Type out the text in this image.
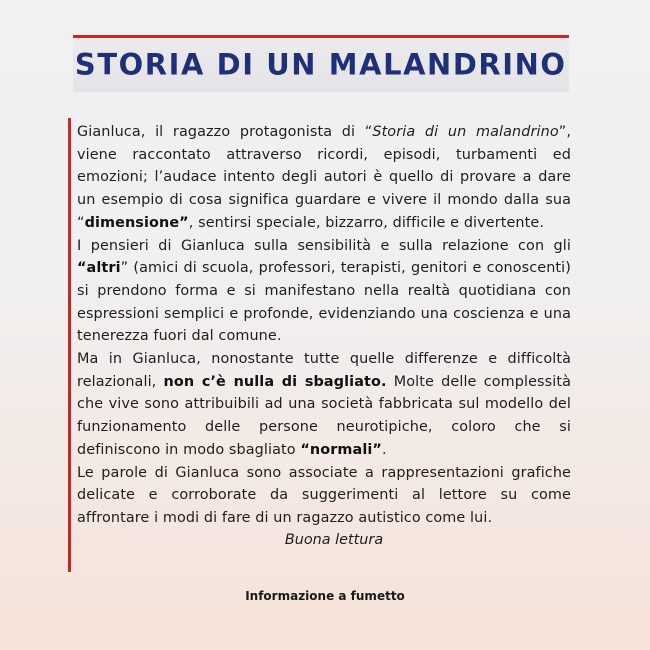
STORIA DI UN MALANDRINO

Gianluca, il ragazzo protagonista di “Storia di un malandrino”, viene raccontato attraverso ricordi, episodi, turbamenti ed emozioni; l’audace intento degli autori è quello di provare a dare un esempio di cosa significa guardare e vivere il mondo dalla sua “dimensione”, sentirsi speciale, bizzarro, difficile e divertente.

I pensieri di Gianluca sulla sensibilità e sulla relazione con gli “altri” (amici di scuola, professori, terapisti, genitori e conoscenti) si prendono forma e si manifestano nella realtà quotidiana con espressioni semplici e profonde, evidenziando una coscienza e una tenerezza fuori dal comune.

Ma in Gianluca, nonostante tutte quelle differenze e difficoltà relazionali, non c’è nulla di sbagliato. Molte delle complessità che vive sono attribuibili ad una società fabbricata sul modello del funzionamento delle persone neurotipiche, coloro che si definiscono in modo sbagliato “normali”.

Le parole di Gianluca sono associate a rappresentazioni grafiche delicate e corroborate da suggerimenti al lettore su come affrontare i modi di fare di un ragazzo autistico come lui.

Buona lettura

Informazione a fumetto
